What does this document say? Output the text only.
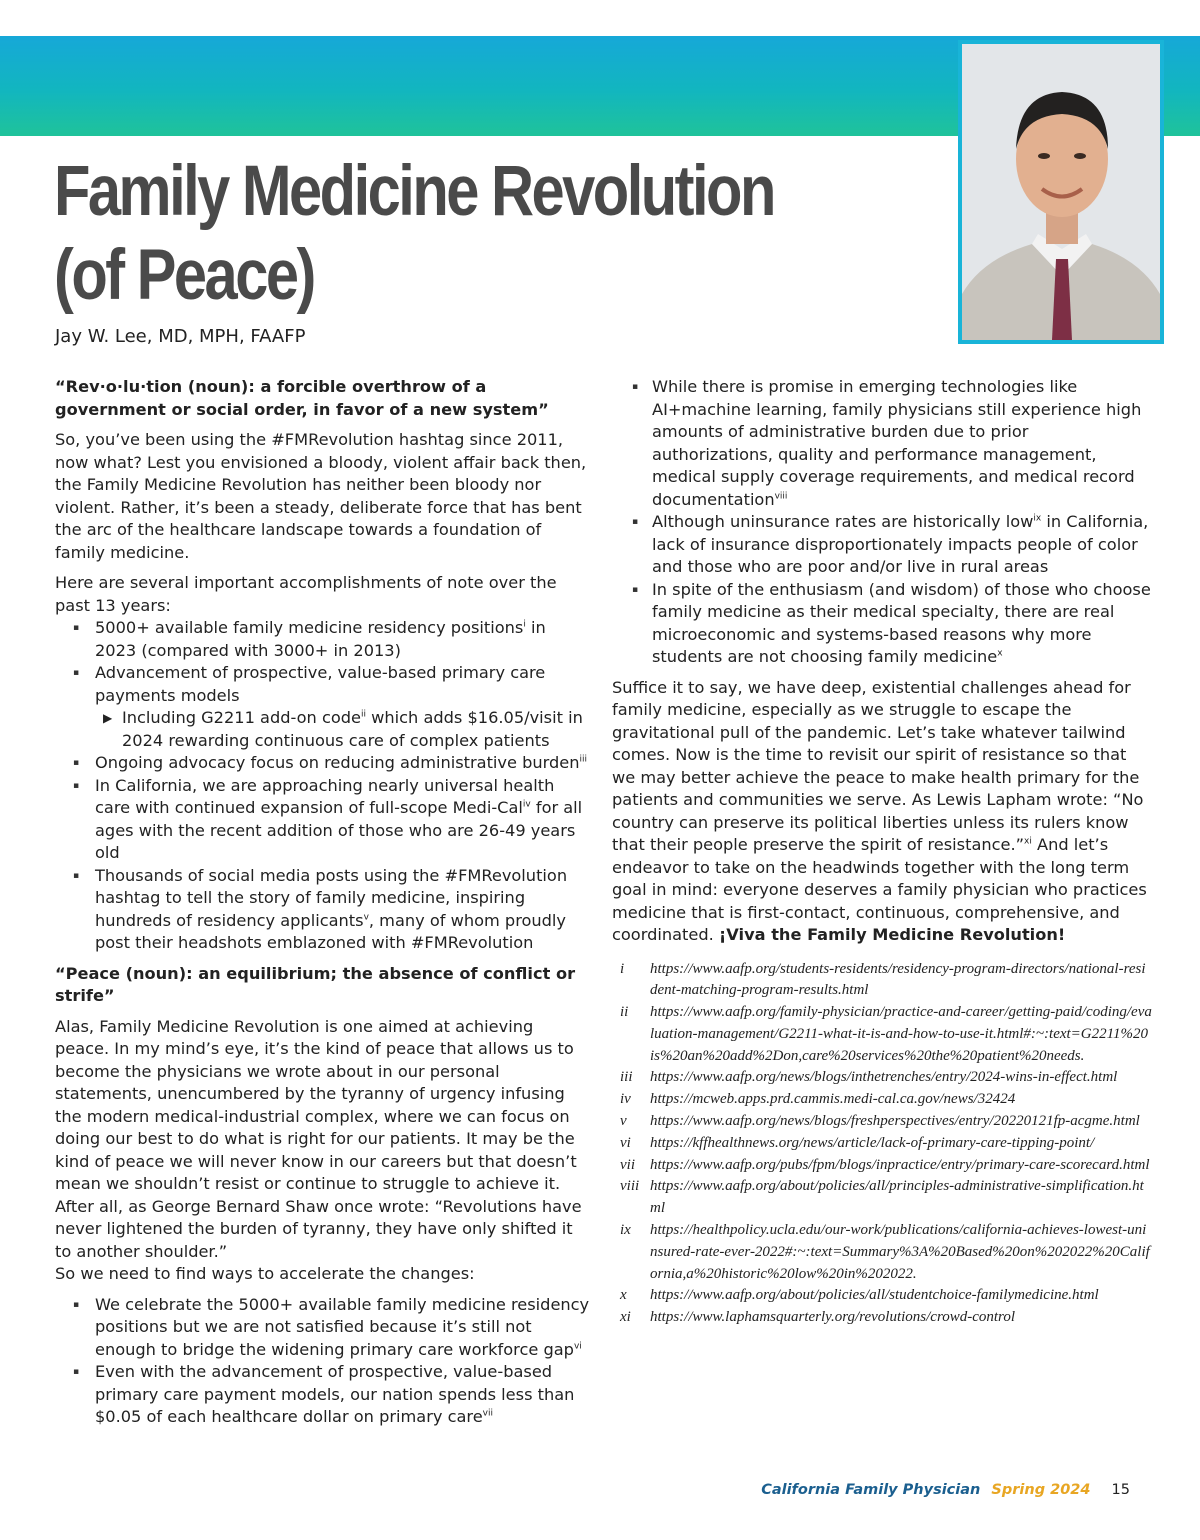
Family Medicine Revolution
(of Peace)

Jay W. Lee, MD, MPH, FAAFP

“Rev·o·lu·tion (noun): a forcible overthrow of a government or social order, in favor of a new system”

So, you’ve been using the #FMRevolution hashtag since 2011, now what? Lest you envisioned a bloody, violent affair back then, the Family Medicine Revolution has neither been bloody nor violent. Rather, it’s been a steady, deliberate force that has bent the arc of the healthcare landscape towards a foundation of family medicine.

Here are several important accomplishments of note over the past 13 years:

▪ 5000+ available family medicine residency positions$^i$ in 2023 (compared with 3000+ in 2013)
▪ Advancement of prospective, value-based primary care payments models
▶ Including G2211 add-on code$^{ii}$ which adds $16.05/visit in 2024 rewarding continuous care of complex patients
▪ Ongoing advocacy focus on reducing administrative burden$^{iii}$
▪ In California, we are approaching nearly universal health care with continued expansion of full-scope Medi-Cal$^{iv}$ for all ages with the recent addition of those who are 26-49 years old
▪ Thousands of social media posts using the #FMRevolution hashtag to tell the story of family medicine, inspiring hundreds of residency applicants$^v$, many of whom proudly post their headshots emblazoned with #FMRevolution

“Peace (noun): an equilibrium; the absence of conflict or strife”

Alas, Family Medicine Revolution is one aimed at achieving peace. In my mind’s eye, it’s the kind of peace that allows us to become the physicians we wrote about in our personal statements, unencumbered by the tyranny of urgency infusing the modern medical-industrial complex, where we can focus on doing our best to do what is right for our patients. It may be the kind of peace we will never know in our careers but that doesn’t mean we shouldn’t resist or continue to struggle to achieve it. After all, as George Bernard Shaw once wrote: “Revolutions have never lightened the burden of tyranny, they have only shifted it to another shoulder.”

So we need to find ways to accelerate the changes:

▪ We celebrate the 5000+ available family medicine residency positions but we are not satisfied because it’s still not enough to bridge the widening primary care workforce gap$^{vi}$
▪ Even with the advancement of prospective, value-based primary care payment models, our nation spends less than $0.05 of each healthcare dollar on primary care$^{vii}$
▪ While there is promise in emerging technologies like AI+machine learning, family physicians still experience high amounts of administrative burden due to prior authorizations, quality and performance management, medical supply coverage requirements, and medical record documentation$^{viii}$
▪ Although uninsurance rates are historically low$^{ix}$ in California, lack of insurance disproportionately impacts people of color and those who are poor and/or live in rural areas
▪ In spite of the enthusiasm (and wisdom) of those who choose family medicine as their medical specialty, there are real microeconomic and systems-based reasons why more students are not choosing family medicine$^x$

Suffice it to say, we have deep, existential challenges ahead for family medicine, especially as we struggle to escape the gravitational pull of the pandemic. Let’s take whatever tailwind comes. Now is the time to revisit our spirit of resistance so that we may better achieve the peace to make health primary for the patients and communities we serve. As Lewis Lapham wrote: “No country can preserve its political liberties unless its rulers know that their people preserve the spirit of resistance.”$^{xi}$ And let’s endeavor to take on the headwinds together with the long term goal in mind: everyone deserves a family physician who practices medicine that is first-contact, continuous, comprehensive, and coordinated. ¡Viva the Family Medicine Revolution!

i	https://www.aafp.org/students-residents/residency-program-directors/national-resident-matching-program-results.html
ii	https://www.aafp.org/family-physician/practice-and-career/getting-paid/coding/evaluation-management/G2211-what-it-is-and-how-to-use-it.html#:~:text=G2211%20is%20an%20add%2Don,care%20services%20the%20patient%20needs.
iii	https://www.aafp.org/news/blogs/inthetrenches/entry/2024-wins-in-effect.html
iv	https://mcweb.apps.prd.cammis.medi-cal.ca.gov/news/32424
v	https://www.aafp.org/news/blogs/freshperspectives/entry/20220121fp-acgme.html
vi	https://kffhealthnews.org/news/article/lack-of-primary-care-tipping-point/
vii	https://www.aafp.org/pubs/fpm/blogs/inpractice/entry/primary-care-scorecard.html
viii https://www.aafp.org/about/policies/all/principles-administrative-simplification.html
ix	https://healthpolicy.ucla.edu/our-work/publications/california-achieves-lowest-uninsured-rate-ever-2022#:~:text=Summary%3A%20Based%20on%202022%20California,a%20historic%20low%20in%202022.
x	https://www.aafp.org/about/policies/all/studentchoice-familymedicine.html
xi	https://www.laphamsquarterly.org/revolutions/crowd-control
California Family Physician Spring 2024 15
